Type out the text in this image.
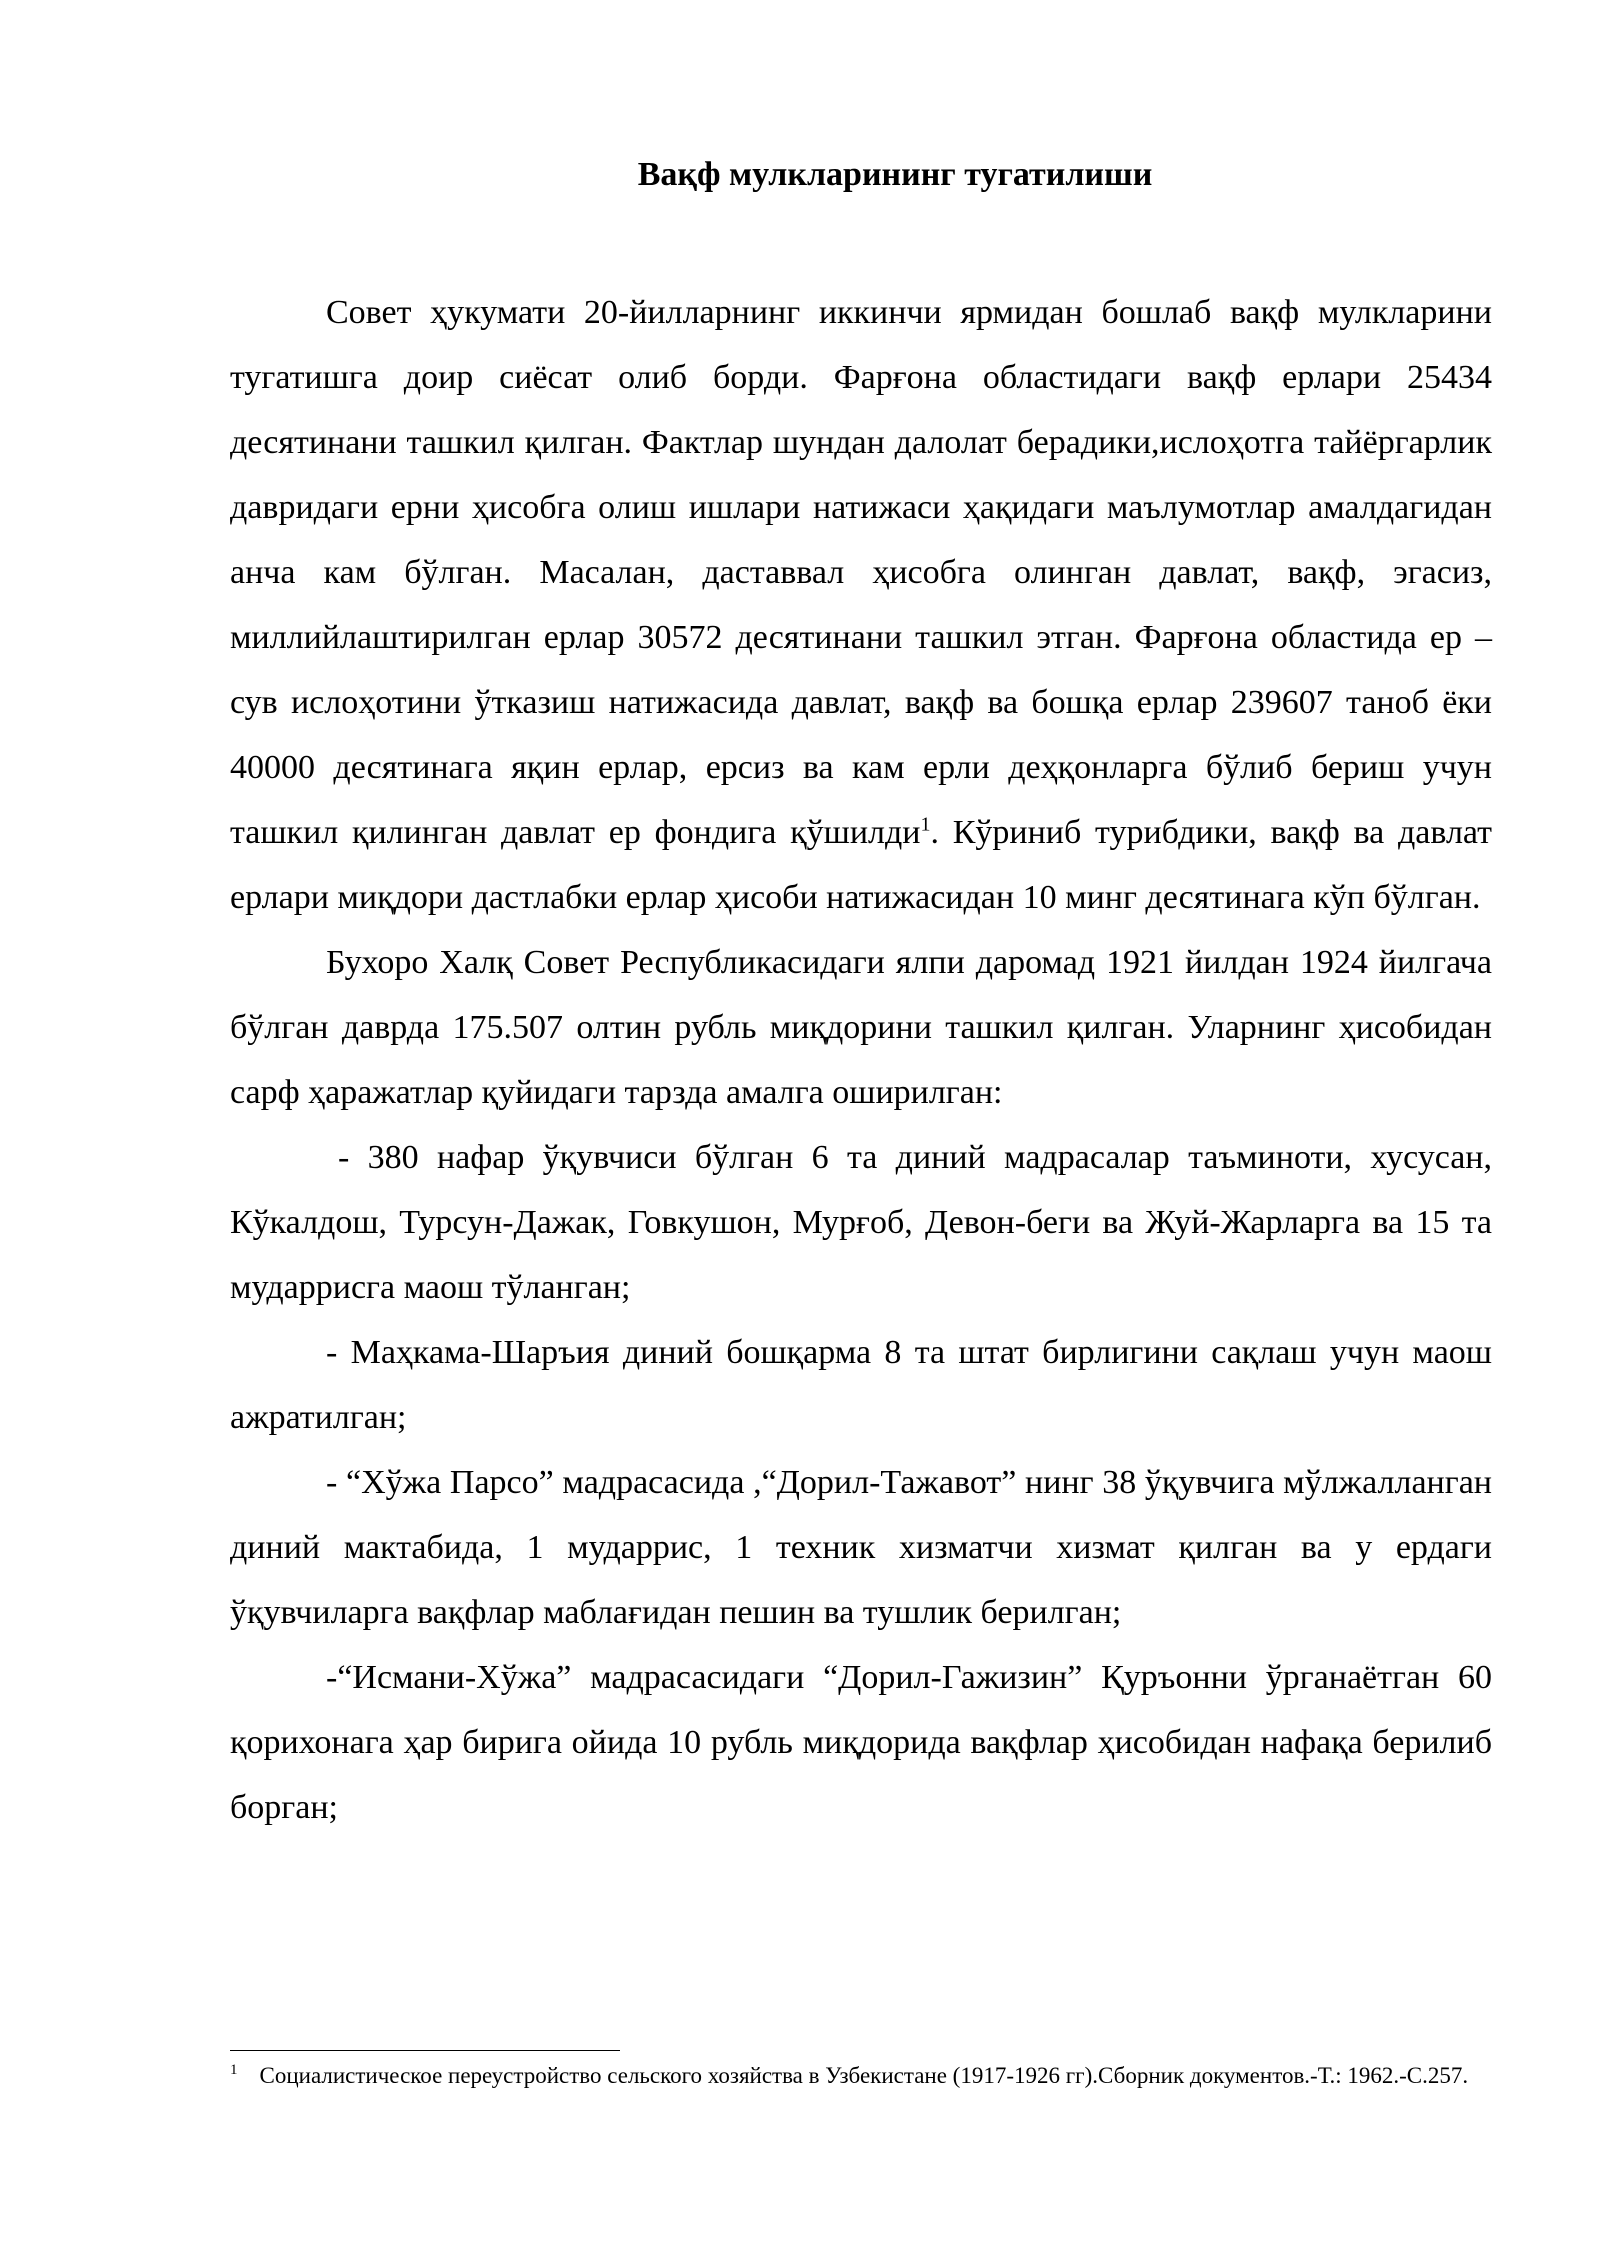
Вақф мулкларининг тугатилиши

Совет ҳукумати 20-йилларнинг иккинчи ярмидан бошлаб вақф мулкларини тугатишга доир сиёсат олиб борди. Фарғона областидаги вақф ерлари 25434 десятинани ташкил қилган. Фактлар шундан далолат берадики,ислоҳотга тайёргарлик давридаги ерни ҳисобга олиш ишлари натижаси ҳақидаги маълумотлар амалдагидан анча кам бўлган. Масалан, даставвал ҳисобга олинган давлат, вақф, эгасиз, миллийлаштирилган ерлар 30572 десятинани ташкил этган. Фарғона областида ер – сув ислоҳотини ўтказиш натижасида давлат, вақф ва бошқа ерлар 239607 таноб ёки 40000 десятинага яқин ерлар, ерсиз ва кам ерли деҳқонларга бўлиб бериш учун ташкил қилинган давлат ер фондига қўшилди$^1$. Кўриниб турибдики, вақф ва давлат ерлари миқдори дастлабки ерлар ҳисоби натижасидан 10 минг десятинага кўп бўлган.

Бухоро Халқ Совет Республикасидаги ялпи даромад 1921 йилдан 1924 йилгача бўлган даврда 175.507 олтин рубль миқдорини ташкил қилган. Уларнинг ҳисобидан сарф ҳаражатлар қуйидаги тарзда амалга оширилган:

- 380 нафар ўқувчиси бўлган 6 та диний мадрасалар таъминоти, хусусан, Кўкалдош, Турсун-Дажак, Говкушон, Мурғоб, Девон-беги ва Жуй-Жарларга ва 15 та мударрисга маош тўланган;

- Маҳкама-Шаръия диний бошқарма 8 та штат бирлигини сақлаш учун маош ажратилган;

- “Хўжа Парсо” мадрасасида ,“Дорил-Тажавот” нинг 38 ўқувчига мўлжалланган диний мактабида, 1 мударрис, 1 техник хизматчи хизмат қилган ва у ердаги ўқувчиларга вақфлар маблағидан пешин ва тушлик берилган;

-“Исмани-Хўжа” мадрасасидаги “Дорил-Гажизин” Қуръонни ўрганаётган 60 қорихонага ҳар бирига ойида 10 рубль миқдорида вақфлар ҳисобидан нафақа берилиб борган;

$^1$ Социалистическое переустройство сельского хозяйства в Узбекистане (1917-1926 гг).Сборник документов.-Т.: 1962.-С.257.
